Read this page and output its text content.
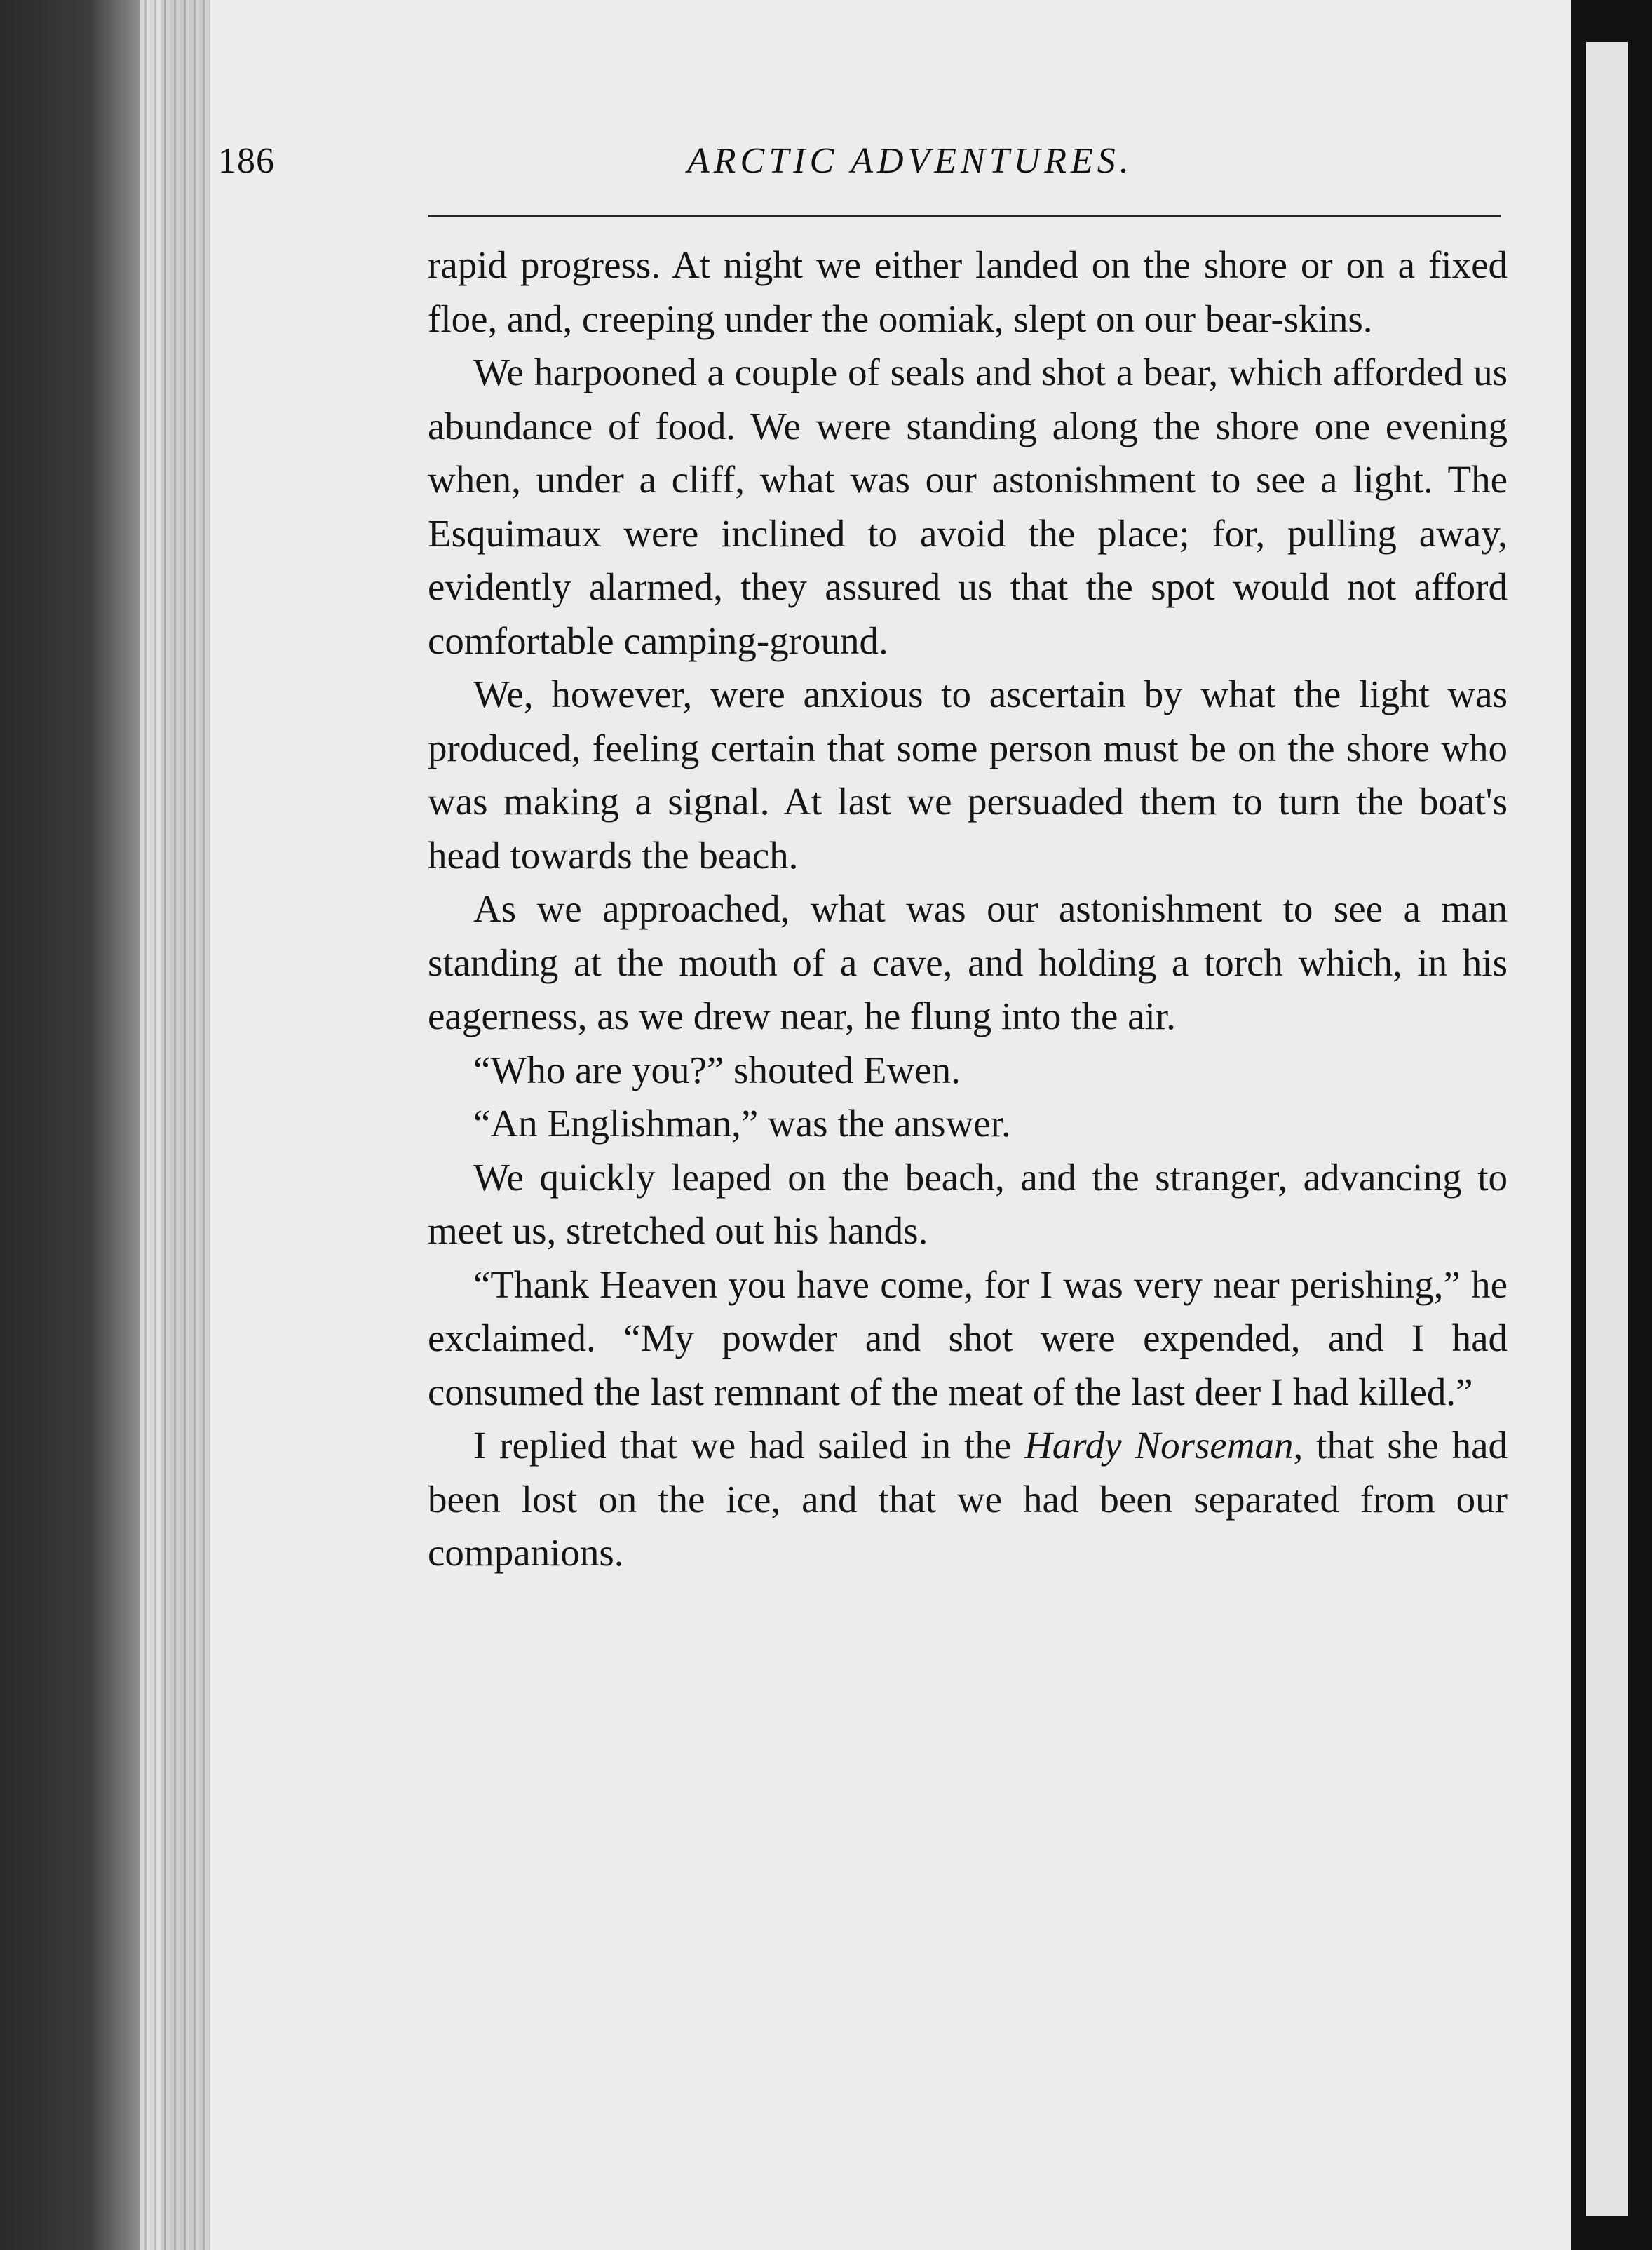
186	ARCTIC ADVENTURES.

rapid progress. At night we either landed on the shore or on a fixed floe, and, creeping under the oomiak, slept on our bear-skins.

We harpooned a couple of seals and shot a bear, which afforded us abundance of food. We were standing along the shore one evening when, under a cliff, what was our astonishment to see a light. The Esquimaux were inclined to avoid the place; for, pulling away, evidently alarmed, they assured us that the spot would not afford comfortable camping-ground.

We, however, were anxious to ascertain by what the light was produced, feeling certain that some person must be on the shore who was making a signal. At last we persuaded them to turn the boat's head towards the beach.

As we approached, what was our astonishment to see a man standing at the mouth of a cave, and holding a torch which, in his eagerness, as we drew near, he flung into the air.

“Who are you?” shouted Ewen.

“An Englishman,” was the answer.

We quickly leaped on the beach, and the stranger, advancing to meet us, stretched out his hands.

“Thank Heaven you have come, for I was very near perishing,” he exclaimed. “My powder and shot were expended, and I had consumed the last remnant of the meat of the last deer I had killed.”

I replied that we had sailed in the Hardy Norseman, that she had been lost on the ice, and that we had been separated from our companions.
